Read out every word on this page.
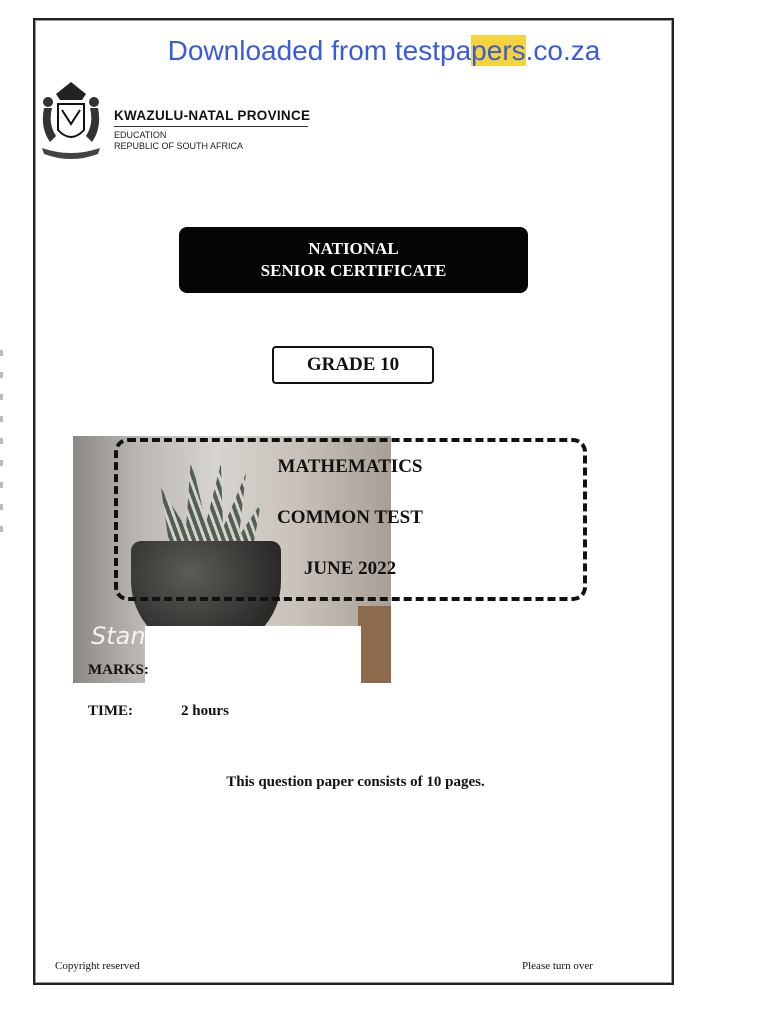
Downloaded from testpapers.co.za
KWAZULU-NATAL PROVINCE
EDUCATION
REPUBLIC OF SOUTH AFRICA
NATIONAL
SENIOR CERTIFICATE
GRADE 10
Stan
MATHEMATICS
COMMON TEST
JUNE 2022
MARKS:
TIME:	2 hours
This question paper consists of 10 pages.
Copyright reserved	Please turn over
